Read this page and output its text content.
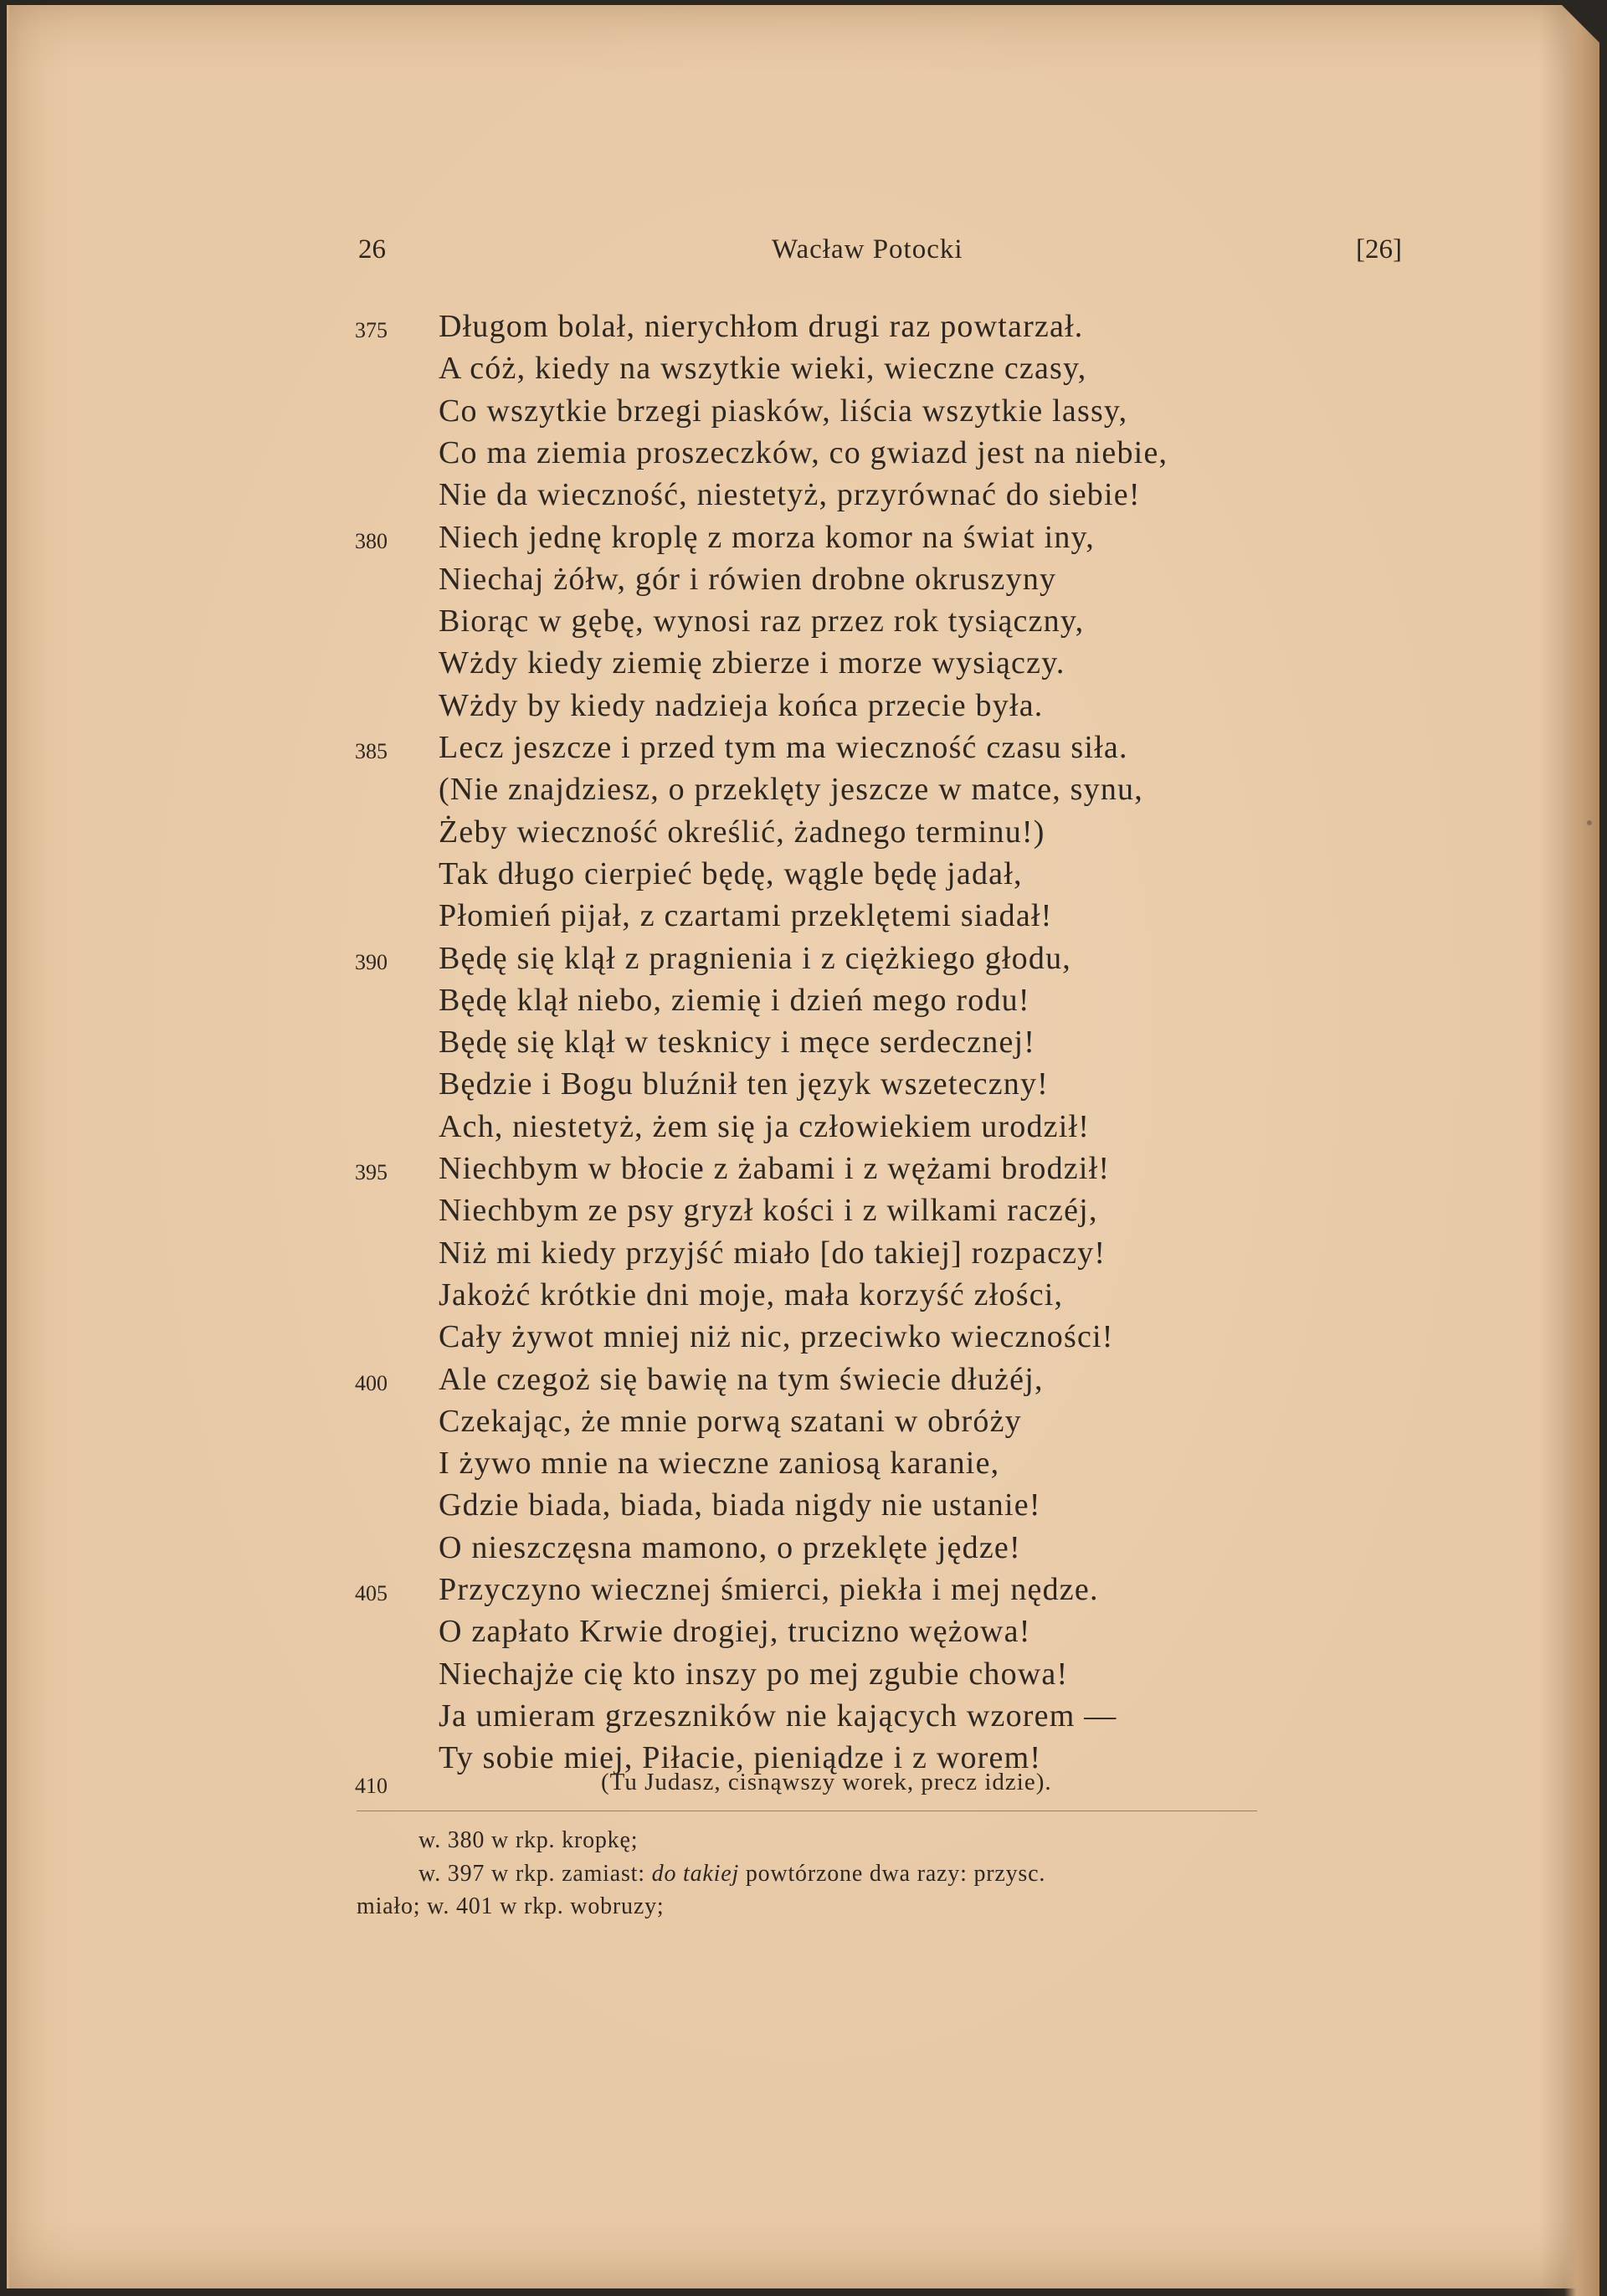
26	Wacław Potocki	[26]
375 Długom bolał, nierychłom drugi raz powtarzał.
A cóż, kiedy na wszytkie wieki, wieczne czasy,
Co wszytkie brzegi piasków, liścia wszytkie lassy,
Co ma ziemia proszeczków, co gwiazd jest na niebie,
Nie da wieczność, niestetyż, przyrównać do siebie!
380 Niech jednę kroplę z morza komor na świat iny,
Niechaj żółw, gór i rówien drobne okruszyny
Biorąc w gębę, wynosi raz przez rok tysiączny,
Wżdy kiedy ziemię zbierze i morze wysiączy.
Wżdy by kiedy nadzieja końca przecie była.
385 Lecz jeszcze i przed tym ma wieczność czasu siła.
(Nie znajdziesz, o przeklęty jeszcze w matce, synu,
Żeby wieczność określić, żadnego terminu!)
Tak długo cierpieć będę, wągle będę jadał,
Płomień pijał, z czartami przeklętemi siadał!
390 Będę się klął z pragnienia i z ciężkiego głodu,
Będę klął niebo, ziemię i dzień mego rodu!
Będę się klął w tesknicy i męce serdecznej!
Będzie i Bogu bluźnił ten język wszeteczny!
Ach, niestetyż, żem się ja człowiekiem urodził!
395 Niechbym w błocie z żabami i z wężami brodził!
Niechbym ze psy gryzł kości i z wilkami raczéj,
Niż mi kiedy przyjść miało [do takiej] rozpaczy!
Jakożć krótkie dni moje, mała korzyść złości,
Cały żywot mniej niż nic, przeciwko wieczności!
400 Ale czegoż się bawię na tym świecie dłużéj,
Czekając, że mnie porwą szatani w obróży
I żywo mnie na wieczne zaniosą karanie,
Gdzie biada, biada, biada nigdy nie ustanie!
O nieszczęsna mamono, o przeklęte jędze!
405 Przyczyno wiecznej śmierci, piekła i mej nędze.
O zapłato Krwie drogiej, trucizno wężowa!
Niechajże cię kto inszy po mej zgubie chowa!
Ja umieram grzeszników nie kających wzorem —
Ty sobie miej, Piłacie, pieniądze i z worem!
410	(Tu Judasz, cisnąwszy worek, precz idzie).
w. 380 w rkp. kropkę;
w. 397 w rkp. zamiast: do takiej powtórzone dwa razy: przysc.
miało; w. 401 w rkp. wobruzy;
